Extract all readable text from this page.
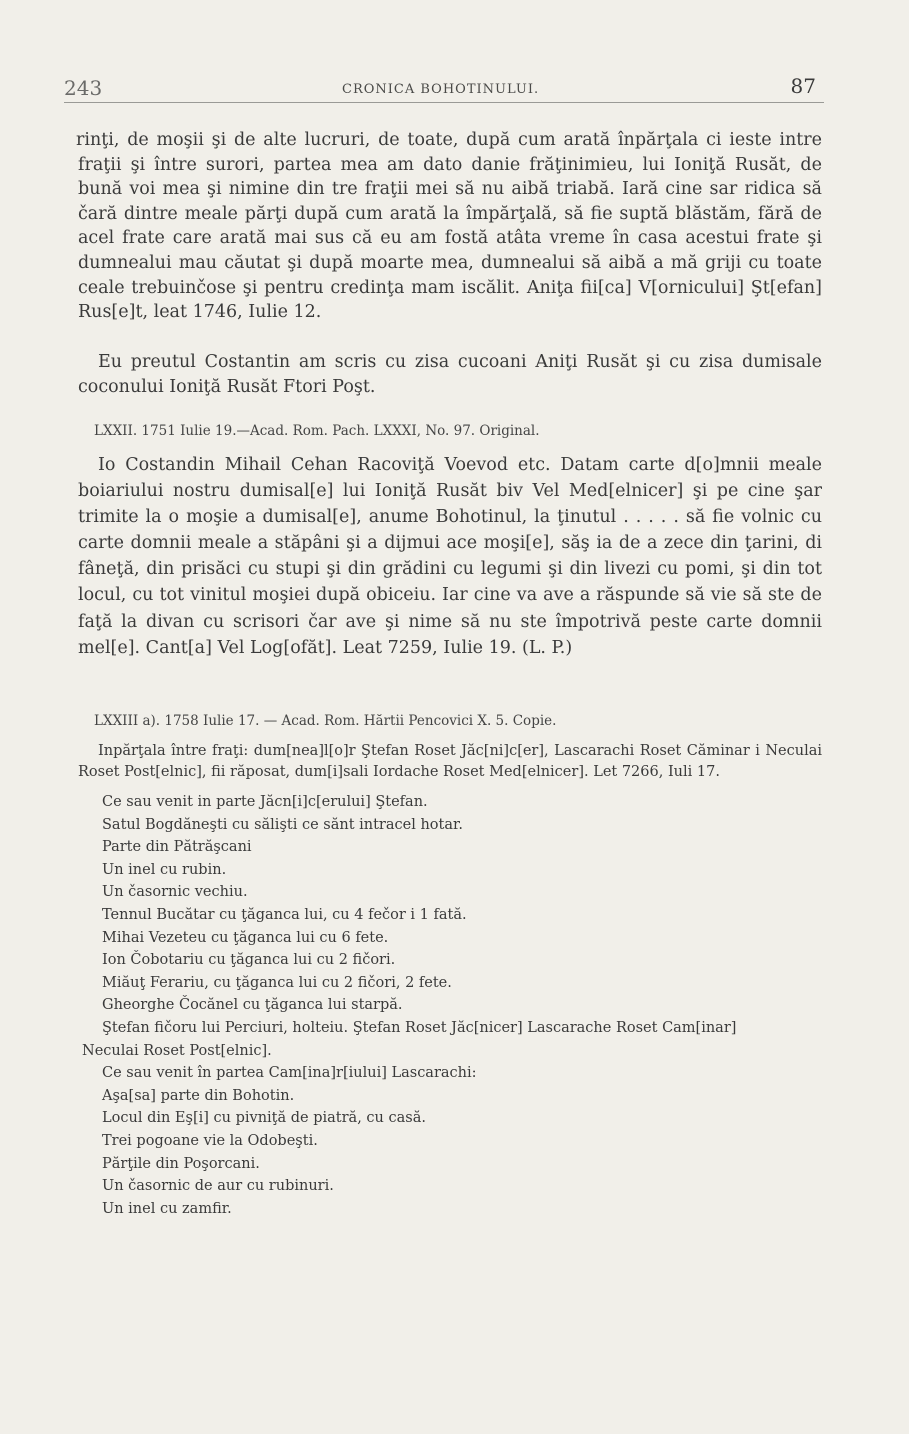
243	CRONICA BOHOTINULUI.	87
rinţi, de moşii şi de alte lucruri, de toate, după cum arată înpărţala ci ieste intre fraţii şi între surori, partea mea am dato danie frăţinimieu, lui Ioniţă Rusăt, de bună voi mea şi nimine din tre fraţii mei să nu aibă triabă. Iară cine sar ridica să čară dintre meale părţi după cum arată la împărţală, să fie suptă blăstăm, fără de acel frate care arată mai sus că eu am fostă atâta vreme în casa acestui frate şi dumnealui mau căutat şi după moarte mea, dumnealui să aibă a mă griji cu toate ceale trebuinčose şi pentru credinţa mam iscălit. Aniţa fii[ca] V[ornicului] Şt[efan] Rus[e]t, leat 1746, Iulie 12.
Eu preutul Costantin am scris cu zisa cucoani Aniţi Rusăt şi cu zisa dumisale coconului Ioniţă Rusăt Ftori Poşt.
LXXII. 1751 Iulie 19.—Acad. Rom. Pach. LXXXI, No. 97. Original.
Io Costandin Mihail Cehan Racoviţă Voevod etc. Datam carte d[o]mnii meale boiariului nostru dumisal[e] lui Ioniţă Rusăt biv Vel Med[elnicer] şi pe cine şar trimite la o moşie a dumisal[e], anume Bohotinul, la ţinutul . . . . . să fie volnic cu carte domnii meale a stăpâni şi a dijmui ace moşi[e], săş ia de a zece din ţarini, di fâneţă, din prisăci cu stupi şi din grădini cu legumi şi din livezi cu pomi, şi din tot locul, cu tot vinitul moşiei după obiceiu. Iar cine va ave a răspunde să vie să ste de faţă la divan cu scrisori čar ave şi nime să nu ste împotrivă peste carte domnii mel[e]. Cant[a] Vel Log[ofăt]. Leat 7259, Iulie 19. (L. P.)
LXXIII a). 1758 Iulie 17. — Acad. Rom. Hărtii Pencovici X. 5. Copie.
Inpărţala între fraţi: dum[nea]l[o]r Ştefan Roset Jăc[ni]c[er], Lascarachi Roset Căminar i Neculai Roset Post[elnic], fii răposat, dum[i]sali Iordache Roset Med[elnicer]. Let 7266, Iuli 17.
Ce sau venit in parte Jăcn[i]c[erului] Ştefan.
Satul Bogdăneşti cu sălişti ce sănt intracel hotar.
Parte din Pătrăşcani
Un inel cu rubin.
Un časornic vechiu.
Tennul Bucătar cu ţăganca lui, cu 4 fečor i 1 fată.
Mihai Vezeteu cu ţăganca lui cu 6 fete.
Ion Čobotariu cu ţăganca lui cu 2 fičori.
Miăuţ Ferariu, cu ţăganca lui cu 2 fičori, 2 fete.
Gheorghe Čocănel cu ţăganca lui starpă.
Ştefan fičoru lui Perciuri, holteiu. Ştefan Roset Jăc[nicer] Lascarache Roset Cam[inar]
Neculai Roset Post[elnic].
Ce sau venit în partea Cam[ina]r[iului] Lascarachi:
Aşa[sa] parte din Bohotin.
Locul din Eş[i] cu pivniţă de piatră, cu casă.
Trei pogoane vie la Odobeşti.
Părţile din Poşorcani.
Un časornic de aur cu rubinuri.
Un inel cu zamfir.
